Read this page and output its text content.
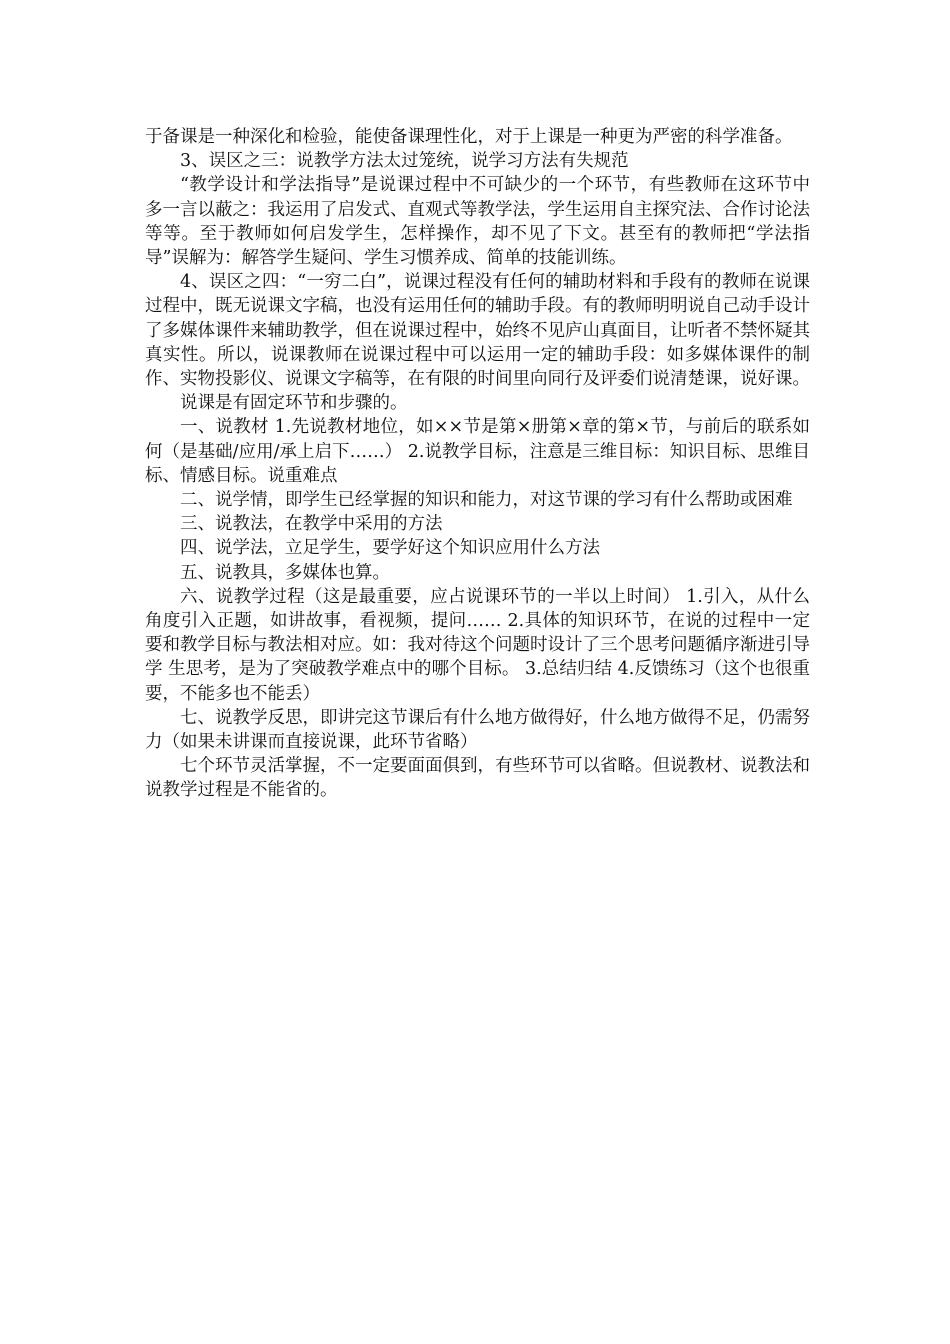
于备课是一种深化和检验，能使备课理性化，对于上课是一种更为严密的科学准备。

3、误区之三：说教学方法太过笼统，说学习方法有失规范

“教学设计和学法指导”是说课过程中不可缺少的一个环节，有些教师在这环节中多一言以蔽之：我运用了启发式、直观式等教学法，学生运用自主探究法、合作讨论法等等。至于教师如何启发学生，怎样操作，却不见了下文。甚至有的教师把“学法指导”误解为：解答学生疑问、学生习惯养成、简单的技能训练。

4、误区之四：“一穷二白”，说课过程没有任何的辅助材料和手段有的教师在说课过程中，既无说课文字稿，也没有运用任何的辅助手段。有的教师明明说自己动手设计了多媒体课件来辅助教学，但在说课过程中，始终不见庐山真面目，让听者不禁怀疑其真实性。所以，说课教师在说课过程中可以运用一定的辅助手段：如多媒体课件的制作、实物投影仪、说课文字稿等，在有限的时间里向同行及评委们说清楚课，说好课。

说课是有固定环节和步骤的。

一、说教材 1.先说教材地位，如××节是第×册第×章的第×节，与前后的联系如何（是基础/应用/承上启下……） 2.说教学目标，注意是三维目标：知识目标、思维目标、情感目标。说重难点

二、说学情，即学生已经掌握的知识和能力，对这节课的学习有什么帮助或困难

三、说教法，在教学中采用的方法

四、说学法，立足学生，要学好这个知识应用什么方法

五、说教具，多媒体也算。

六、说教学过程（这是最重要，应占说课环节的一半以上时间） 1.引入，从什么角度引入正题，如讲故事，看视频，提问…… 2.具体的知识环节，在说的过程中一定要和教学目标与教法相对应。如：我对待这个问题时设计了三个思考问题循序渐进引导学 生思考，是为了突破教学难点中的哪个目标。 3.总结归结 4.反馈练习（这个也很重要，不能多也不能丢）

七、说教学反思，即讲完这节课后有什么地方做得好，什么地方做得不足，仍需努力（如果未讲课而直接说课，此环节省略）

七个环节灵活掌握，不一定要面面俱到，有些环节可以省略。但说教材、说教法和说教学过程是不能省的。
